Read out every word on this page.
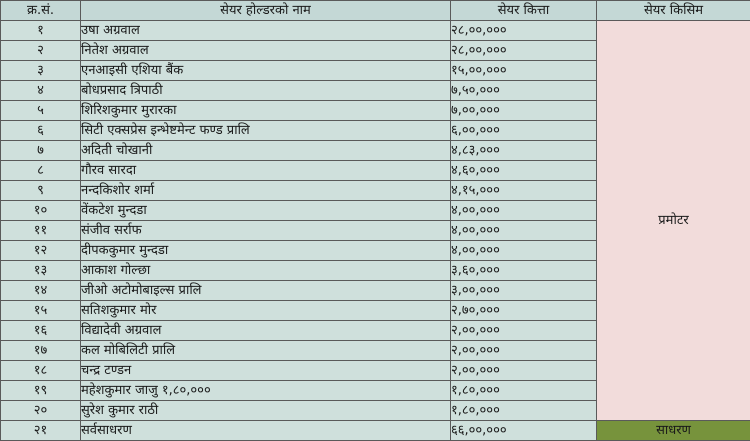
क्र.सं.	सेयर होल्डरको नाम	सेयर कित्ता	सेयर किसिम
१	उषा अग्रवाल	२८,००,०००	प्रमोटर
२	नितेश अग्रवाल	२८,००,०००	
३	एनआइसी एशिया बैंक	१५,००,०००	
४	बोधप्रसाद त्रिपाठी	७,५०,०००	
५	शिरिशकुमार मुरारका	७,००,०००	
६	सिटी एक्सप्रेस इन्भेष्टमेन्ट फण्ड प्रालि	६,००,०००	
७	अदिती चोखानी	४,८३,०००	
८	गौरव सारदा	४,६०,०००	
९	नन्दकिशोर शर्मा	४,१५,०००	
१०	वेंकटेश मुन्दडा	४,००,०००	
११	संजीव सर्राफ	४,००,०००	
१२	दीपककुमार मुन्दडा	४,००,०००	
१३	आकाश गोल्छा	३,६०,०००	
१४	जीओ अटोमोबाइल्स प्रालि	३,००,०००	
१५	सतिशकुमार मोर	२,७०,०००	
१६	विद्यादेवी अग्रवाल	२,००,०००	
१७	कल मोबिलिटी प्रालि	२,००,०००	
१८	चन्द्र टण्डन	२,००,०००	
१९	महेशकुमार जाजु १,८०,०००	१,८०,०००	
२०	सुरेश कुमार राठी	१,८०,०००	
२१	सर्वसाधरण	६६,००,०००	साधरण
